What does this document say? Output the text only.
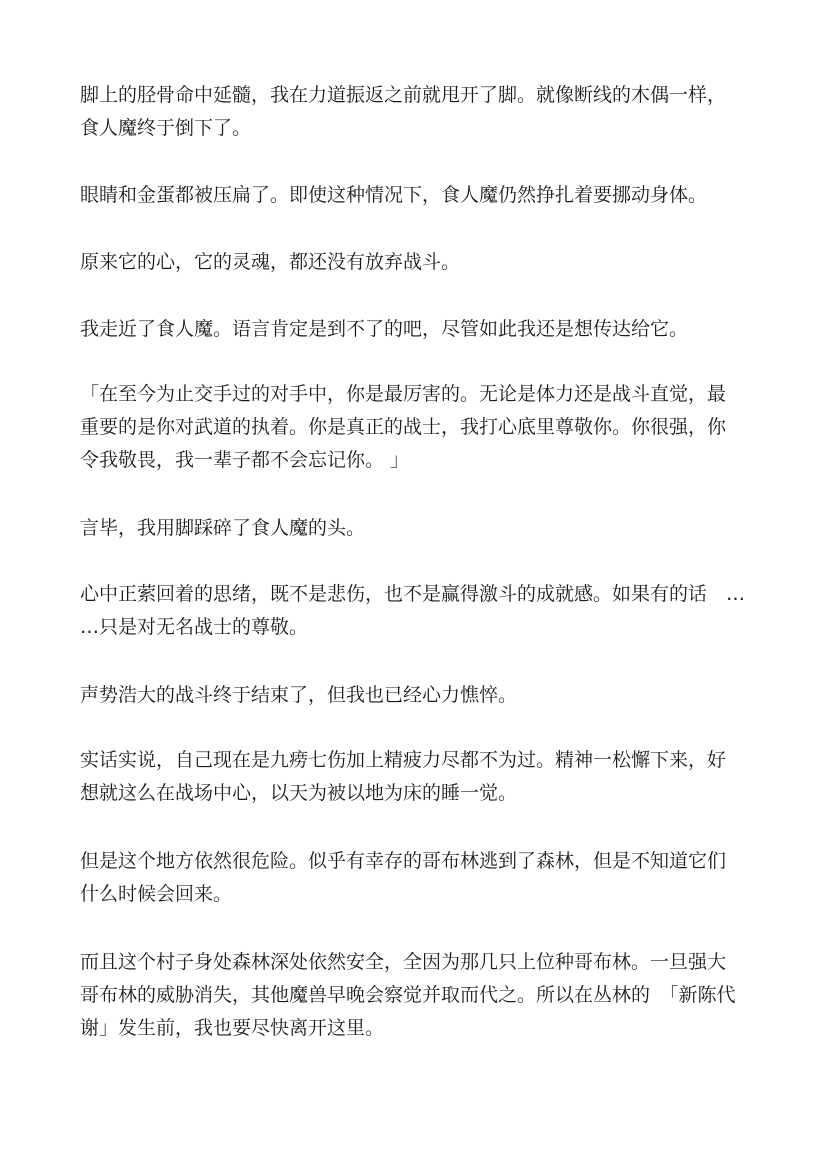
脚上的胫骨命中延髓，我在力道振返之前就甩开了脚。就像断线的木偶一样，
食人魔终于倒下了。

眼睛和金蛋都被压扁了。即使这种情况下，食人魔仍然挣扎着要挪动身体。

原来它的心，它的灵魂，都还没有放弃战斗。

我走近了食人魔。语言肯定是到不了的吧，尽管如此我还是想传达给它。

「在至今为止交手过的对手中，你是最厉害的。无论是体力还是战斗直觉，最
重要的是你对武道的执着。你是真正的战士，我打心底里尊敬你。你很强，你
令我敬畏，我一辈子都不会忘记你。 」

言毕，我用脚踩碎了食人魔的头。

心中正萦回着的思绪，既不是悲伤，也不是赢得激斗的成就感。如果有的话　…
…只是对无名战士的尊敬。

声势浩大的战斗终于结束了，但我也已经心力憔悴。

实话实说，自己现在是九痨七伤加上精疲力尽都不为过。精神一松懈下来，好
想就这么在战场中心，以天为被以地为床的睡一觉。

但是这个地方依然很危险。似乎有幸存的哥布林逃到了森林，但是不知道它们
什么时候会回来。

而且这个村子身处森林深处依然安全，全因为那几只上位种哥布林。一旦强大
哥布林的威胁消失，其他魔兽早晚会察觉并取而代之。所以在丛林的　「新陈代
谢」发生前，我也要尽快离开这里。
